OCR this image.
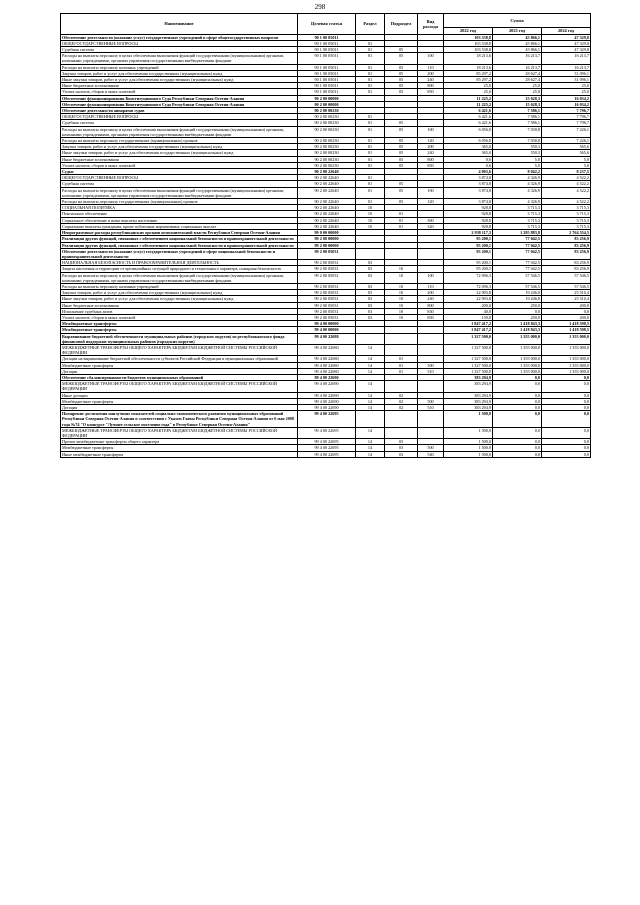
298
Наименование	Целевая статья	Раздел	Подраздел	Вид расхода	Сумма		
					2022 год	2023 год	2024 год
Обеспечение деятельности (оказание услуг) государственных учреждений в сфере общегосударственных вопросов	90 1 00 05011				103 538,8	45 866,1	47 329,8
ОБЩЕГОСУДАРСТВЕННЫЕ ВОПРОСЫ	90 1 00 05011	01			103 538,8	45 866,1	47 329,8
Судебная система	90 1 00 05011	01	05		103 538,8	45 866,1	47 329,8
Расходы на выплаты персоналу в целях обеспечения выполнения функций государственными (муниципальными) органами, казенными учреждениями, органами управления государственными внебюджетными фондами	90 1 00 05011	01	05	100	18 213,6	16 213,7	16 213,7
Расходы на выплаты персоналу казенных учреждений	90 1 00 05011	01	05	110	18 213,6	16 213,7	16 213,7
Закупка товаров, работ и услуг для обеспечения государственных (муниципальных) нужд	90 1 00 05011	01	05	200	85 297,2	28 627,4	31 096,1
Иные закупки товаров, работ и услуг для обеспечения государственных (муниципальных) нужд	90 1 00 05011	01	05	240	85 297,2	28 627,4	31 096,1
Иные бюджетные ассигнования	90 1 00 05011	01	05	800	25,0	25,0	25,0
Уплата налогов, сборов и иных платежей	90 1 00 05011	01	05	850	25,0	25,0	25,0
Обеспечение функционирования Конституционного Суда Республики Северная Осетия-Алания	90 2 00 00000				11 225,2	15 628,3	16 034,2
Обеспечение функционирования Конституционного Суда Республики Северная Осетия-Алания	90 2 00 00000				11 225,2	15 628,3	16 034,2
Обеспечение деятельности аппаратов судов	90 2 00 00230				6 421,6	7 586,1	7 796,7
ОБЩЕГОСУДАРСТВЕННЫЕ ВОПРОСЫ	90 2 00 00230	01			6 421,6	7 586,1	7 796,7
Судебная система	90 2 00 00230	01	05		6 421,6	7 586,1	7 796,7
Расходы на выплаты персоналу в целях обеспечения выполнения функций государственными (муниципальными) органами, казенными учреждениями, органами управления государственными внебюджетными фондами	90 2 00 00230	01	05	100	6 056,0	7 030,8	7 226,1
Расходы на выплаты персоналу государственных (муниципальных) органов	90 2 00 00230	01	05	120	6 056,0	7 030,8	7 226,1
Закупка товаров, работ и услуг для обеспечения государственных (муниципальных) нужд	90 2 00 00230	01	05	200	365,0	550,3	565,6
Иные закупки товаров, работ и услуг для обеспечения государственных (муниципальных) нужд	90 2 00 00230	01	05	240	365,0	550,3	565,6
Иные бюджетные ассигнования	90 2 00 00230	01	05	800	0,6	5,0	5,0
Уплата налогов, сборов и иных платежей	90 2 00 00230	01	05	850	0,6	5,0	5,0
Судьи	90 2 00 22640				4 803,6	8 042,2	8 237,5
ОБЩЕГОСУДАРСТВЕННЫЕ ВОПРОСЫ	90 2 00 22640	01			3 874,8	4 326,9	4 522,2
Судебная система	90 2 00 22640	01	05		3 874,8	4 326,9	4 522,2
Расходы на выплаты персоналу в целях обеспечения выполнения функций государственными (муниципальными) органами, казенными учреждениями, органами управления государственными внебюджетными фондами	90 2 00 22640	01	05	100	3 874,8	4 326,9	4 522,2
Расходы на выплаты персоналу государственных (муниципальных) органов	90 2 00 22640	01	05	120	3 874,8	4 326,9	4 522,2
СОЦИАЛЬНАЯ ПОЛИТИКА	90 2 00 22640	10			928,8	3 715,3	3 715,3
Пенсионное обеспечение	90 2 00 22640	10	01		928,8	3 715,3	3 715,3
Социальное обеспечение и иные выплаты населению	90 2 00 22640	10	01	300	928,8	3 715,3	3 715,3
Социальные выплаты гражданам, кроме публичных нормативных социальных выплат	90 2 00 22640	10	01	320	928,8	3 715,3	3 715,3
Непрограммные расходы республиканских органов исполнительной власти Республики Северная Осетия-Алания	99 0 00 00000				2 938 117,3	1 295 883,8	2 764 554,5
Реализация других функций, связанных с обеспечением национальной безопасности и правоохранительной деятельности	99 2 00 00000				95 200,1	77 042,5	83 256,9
Реализация других функций, связанных с обеспечением национальной безопасности и правоохранительной деятельности	99 2 00 00000				95 200,1	77 042,5	83 256,9
Обеспечение деятельности (оказание услуг) государственных учреждений в сфере национальной безопасности и правоохранительной деятельности	99 2 00 05031				95 200,1	77 042,5	83 256,9
НАЦИОНАЛЬНАЯ БЕЗОПАСНОСТЬ И ПРАВООХРАНИТЕЛЬНАЯ ДЕЯТЕЛЬНОСТЬ	99 2 00 05031	03			95 200,1	77 042,5	83 256,9
Защита населения и территории от чрезвычайных ситуаций природного и техногенного характера, пожарная безопасность	99 2 00 05031	03	10		95 200,1	77 042,5	83 256,9
Расходы на выплаты персоналу в целях обеспечения выполнения функций государственными (муниципальными) органами, казенными учреждениями, органами управления государственными внебюджетными фондами	99 2 00 05031	03	10	100	72 096,3	57 546,5	57 546,5
Расходы на выплаты персоналу казенных учреждений	99 2 00 05031	03	10	110	72 096,3	57 546,5	57 546,5
Закупка товаров, работ и услуг для обеспечения государственных (муниципальных) нужд	99 2 00 05031	03	10	200	22 903,8	19 246,0	25 510,4
Иные закупки товаров, работ и услуг для обеспечения государственных (муниципальных) нужд	99 2 00 05031	03	10	240	22 903,8	19 246,0	25 510,4
Иные бюджетные ассигнования	99 2 00 05031	03	10	800	200,0	250,0	200,0
Исполнение судебных актов	99 2 00 05031	03	10	830	40,0	0,0	0,0
Уплата налогов, сборов и иных платежей	99 2 00 05031	03	10	850	159,0	250,0	200,0
Межбюджетные трансферты	99 4 00 00000				1 847 417,2	1 418 843,3	1 418 598,5
Межбюджетные трансферты	99 4 00 00000				1 847 417,2	1 418 843,3	1 418 598,5
Выравнивание бюджетной обеспеченности муниципальных районов (городских округов) из республиканского фонда финансовой поддержки муниципальных районов (городских округов)	99 4 00 22680				1 327 500,0	1 355 000,0	1 355 000,0
МЕЖБЮДЖЕТНЫЕ ТРАНСФЕРТЫ ОБЩЕГО ХАРАКТЕРА БЮДЖЕТАМ БЮДЖЕТНОЙ СИСТЕМЫ РОССИЙСКОЙ ФЕДЕРАЦИИ	99 4 00 22680	14			1 327 500,0	1 355 000,0	1 355 000,0
Дотации на выравнивание бюджетной обеспеченности субъектов Российской Федерации и муниципальных образований	99 4 00 22680	14	01		1 327 500,0	1 355 000,0	1 355 000,0
Межбюджетные трансферты	99 4 00 22680	14	01	500	1 327 500,0	1 355 000,0	1 355 000,0
Дотации	99 4 00 22680	14	01	510	1 327 500,0	1 355 000,0	1 355 000,0
Обеспечение сбалансированности бюджетов муниципальных образований	99 4 00 22690				383 294,9	0,0	0,0
МЕЖБЮДЖЕТНЫЕ ТРАНСФЕРТЫ ОБЩЕГО ХАРАКТЕРА БЮДЖЕТАМ БЮДЖЕТНОЙ СИСТЕМЫ РОССИЙСКОЙ ФЕДЕРАЦИИ	99 4 00 22690	14			383 294,9	0,0	0,0
Иные дотации	99 4 00 22690	14	02		383 294,9	0,0	0,0
Межбюджетные трансферты	99 4 00 22690	14	02	500	383 294,9	0,0	0,0
Дотации	99 4 00 22690	14	02	510	383 294,9	0,0	0,0
Поощрение достижения наилучших показателей социально-экономического развития муниципальных образований Республики Северная Осетия-Алания в соответствии с Указом Главы Республики Северная Осетия-Алания от 6 мая 2008 года №74 "О конкурсе "Лучшее сельское поселение года" в Республике Северная Осетия-Алания"	99 4 00 22695				1 500,0	0,0	0,0
МЕЖБЮДЖЕТНЫЕ ТРАНСФЕРТЫ ОБЩЕГО ХАРАКТЕРА БЮДЖЕТАМ БЮДЖЕТНОЙ СИСТЕМЫ РОССИЙСКОЙ ФЕДЕРАЦИИ	99 4 00 22695	14			1 500,0	0,0	0,0
Прочие межбюджетные трансферты общего характера	99 4 00 22695	14	03		1 500,0	0,0	0,0
Межбюджетные трансферты	99 4 00 22695	14	03	500	1 500,0	0,0	0,0
Иные межбюджетные трансферты	99 4 00 22695	14	03	540	1 500,0	0,0	0,0
